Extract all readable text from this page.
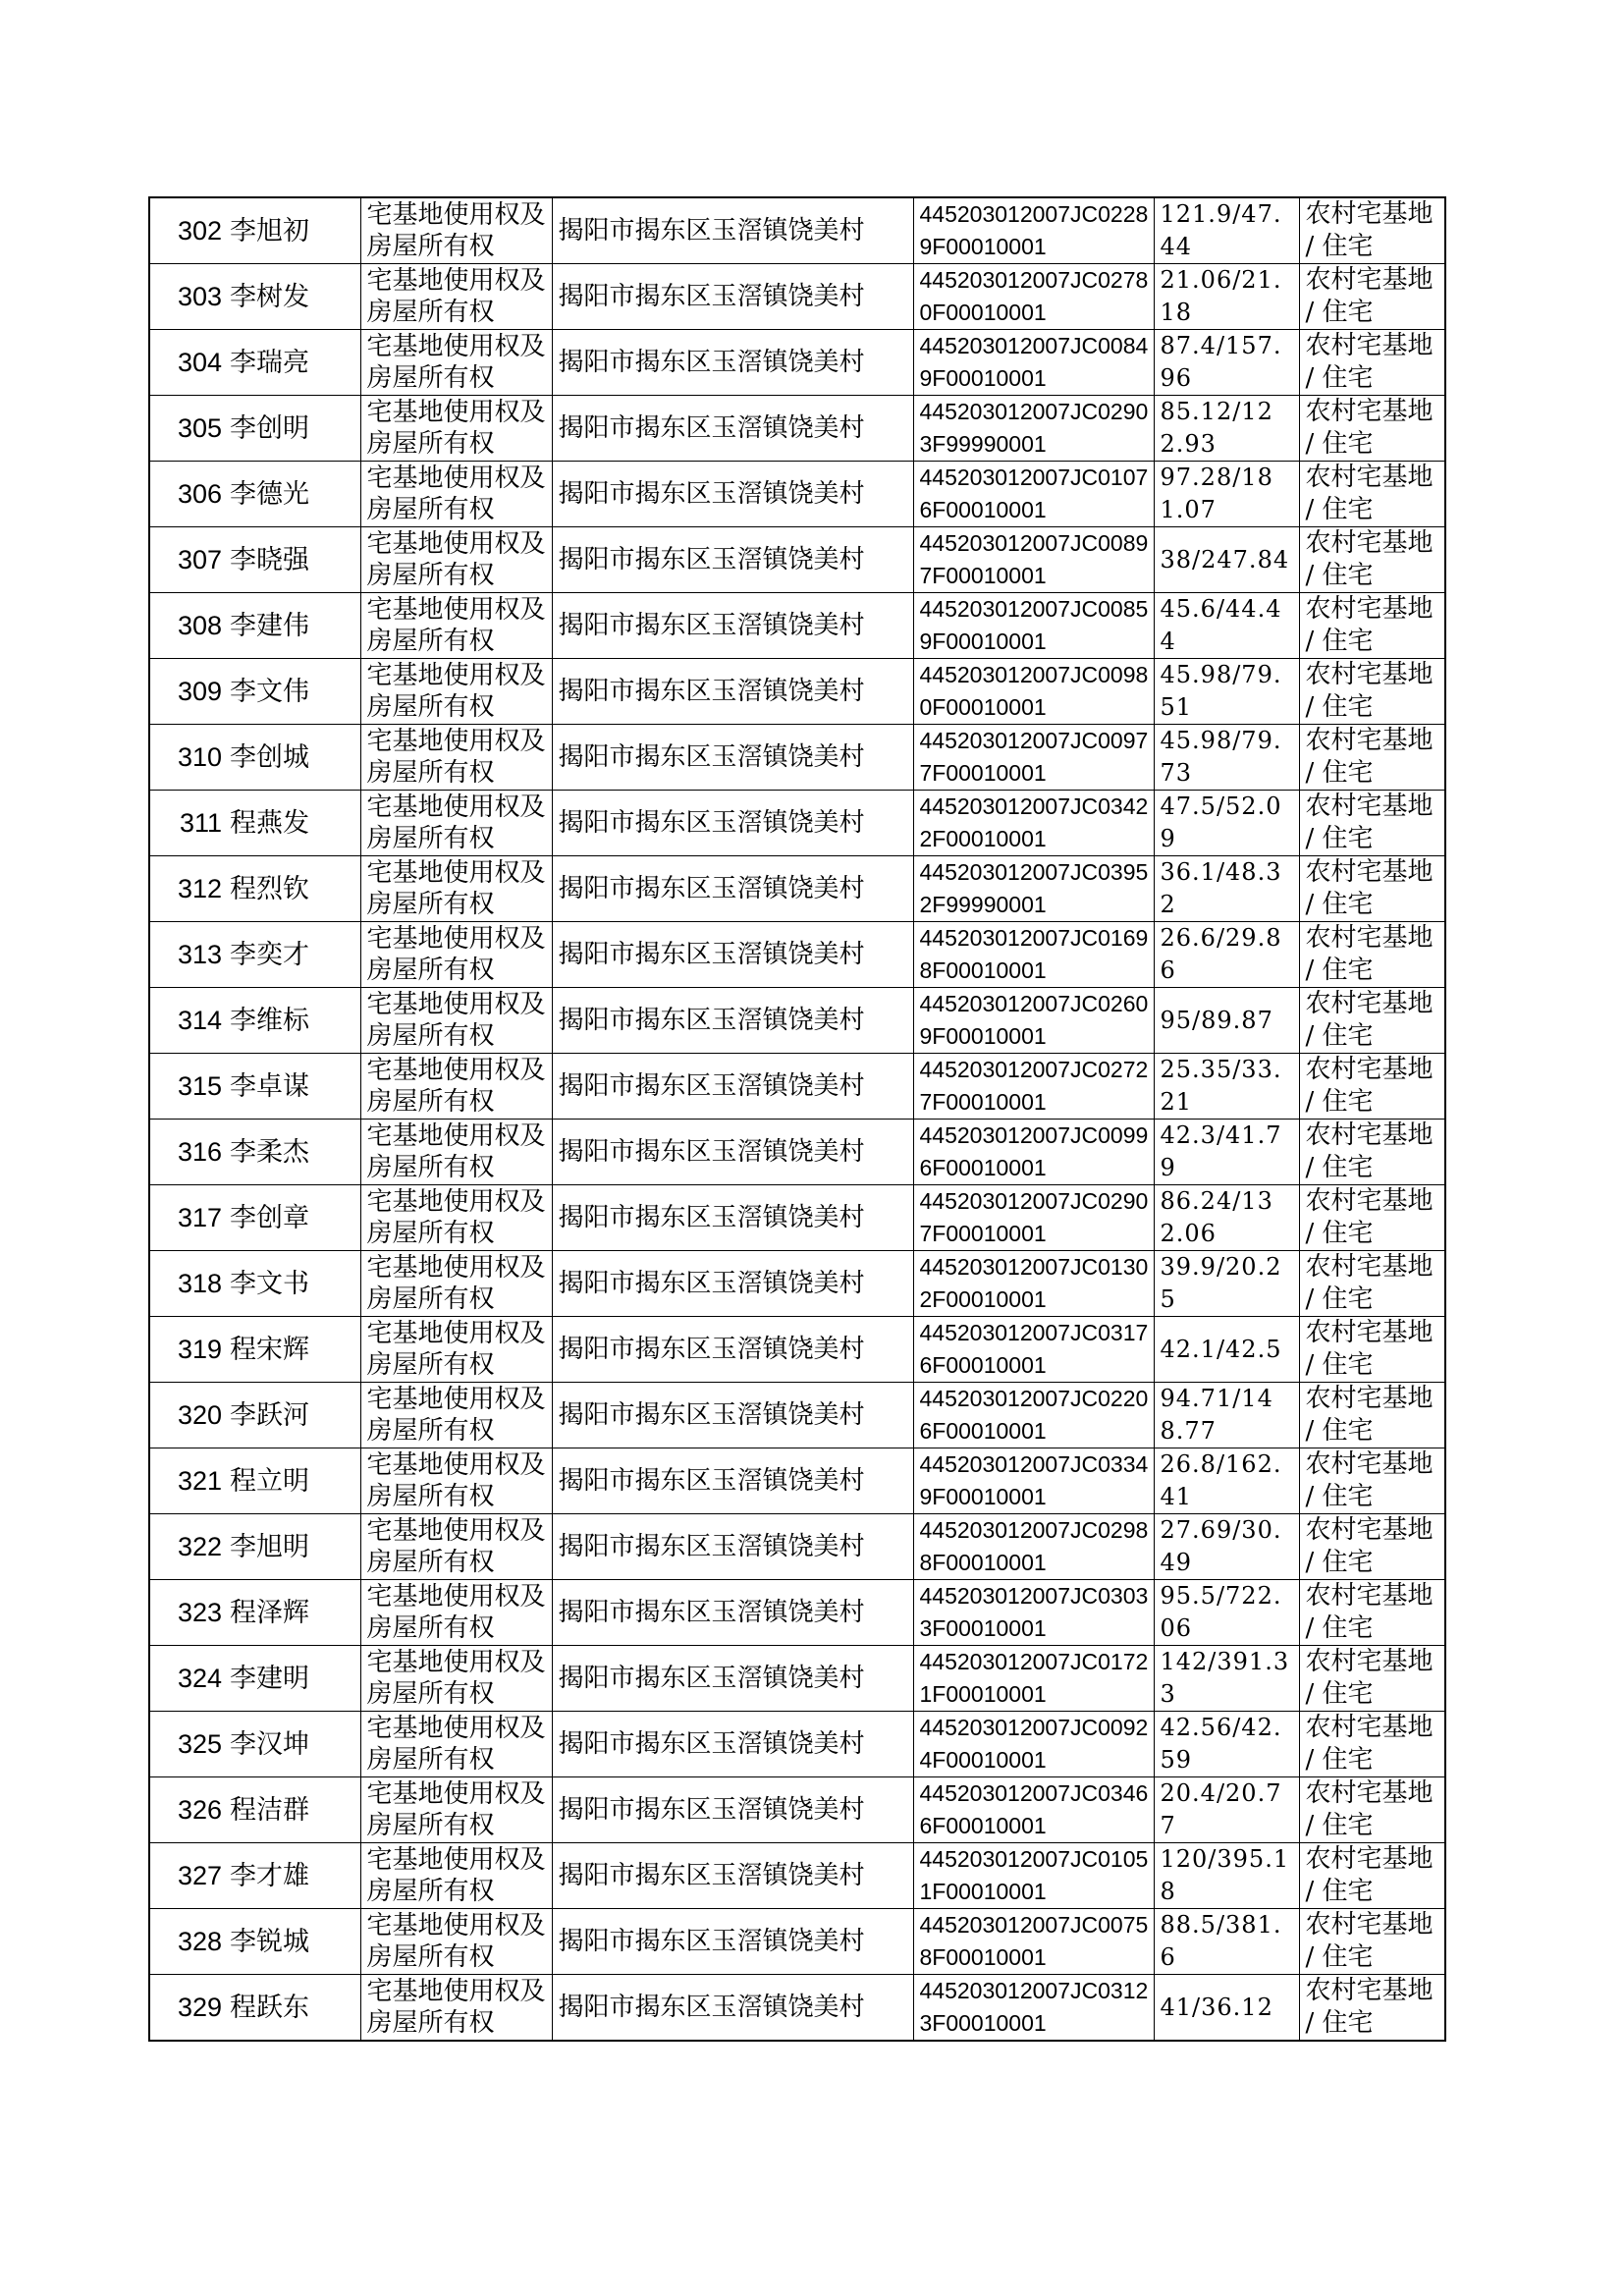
302	李旭初	宅基地使用权及房屋所有权	揭阳市揭东区玉滘镇饶美村	445203012007JC02289F00010001	121.9/47.44	农村宅基地 / 住宅
303	李树发	宅基地使用权及房屋所有权	揭阳市揭东区玉滘镇饶美村	445203012007JC02780F00010001	21.06/21.18	农村宅基地 / 住宅
304	李瑞亮	宅基地使用权及房屋所有权	揭阳市揭东区玉滘镇饶美村	445203012007JC00849F00010001	87.4/157.96	农村宅基地 / 住宅
305	李创明	宅基地使用权及房屋所有权	揭阳市揭东区玉滘镇饶美村	445203012007JC02903F99990001	85.12/122.93	农村宅基地 / 住宅
306	李德光	宅基地使用权及房屋所有权	揭阳市揭东区玉滘镇饶美村	445203012007JC01076F00010001	97.28/181.07	农村宅基地 / 住宅
307	李晓强	宅基地使用权及房屋所有权	揭阳市揭东区玉滘镇饶美村	445203012007JC00897F00010001	38/247.84	农村宅基地 / 住宅
308	李建伟	宅基地使用权及房屋所有权	揭阳市揭东区玉滘镇饶美村	445203012007JC00859F00010001	45.6/44.44	农村宅基地 / 住宅
309	李文伟	宅基地使用权及房屋所有权	揭阳市揭东区玉滘镇饶美村	445203012007JC00980F00010001	45.98/79.51	农村宅基地 / 住宅
310	李创城	宅基地使用权及房屋所有权	揭阳市揭东区玉滘镇饶美村	445203012007JC00977F00010001	45.98/79.73	农村宅基地 / 住宅
311	程燕发	宅基地使用权及房屋所有权	揭阳市揭东区玉滘镇饶美村	445203012007JC03422F00010001	47.5/52.09	农村宅基地 / 住宅
312	程烈钦	宅基地使用权及房屋所有权	揭阳市揭东区玉滘镇饶美村	445203012007JC03952F99990001	36.1/48.32	农村宅基地 / 住宅
313	李奕才	宅基地使用权及房屋所有权	揭阳市揭东区玉滘镇饶美村	445203012007JC01698F00010001	26.6/29.86	农村宅基地 / 住宅
314	李维标	宅基地使用权及房屋所有权	揭阳市揭东区玉滘镇饶美村	445203012007JC02609F00010001	95/89.87	农村宅基地 / 住宅
315	李卓谋	宅基地使用权及房屋所有权	揭阳市揭东区玉滘镇饶美村	445203012007JC02727F00010001	25.35/33.21	农村宅基地 / 住宅
316	李柔杰	宅基地使用权及房屋所有权	揭阳市揭东区玉滘镇饶美村	445203012007JC00996F00010001	42.3/41.79	农村宅基地 / 住宅
317	李创章	宅基地使用权及房屋所有权	揭阳市揭东区玉滘镇饶美村	445203012007JC02907F00010001	86.24/132.06	农村宅基地 / 住宅
318	李文书	宅基地使用权及房屋所有权	揭阳市揭东区玉滘镇饶美村	445203012007JC01302F00010001	39.9/20.25	农村宅基地 / 住宅
319	程宋辉	宅基地使用权及房屋所有权	揭阳市揭东区玉滘镇饶美村	445203012007JC03176F00010001	42.1/42.5	农村宅基地 / 住宅
320	李跃河	宅基地使用权及房屋所有权	揭阳市揭东区玉滘镇饶美村	445203012007JC02206F00010001	94.71/148.77	农村宅基地 / 住宅
321	程立明	宅基地使用权及房屋所有权	揭阳市揭东区玉滘镇饶美村	445203012007JC03349F00010001	26.8/162.41	农村宅基地 / 住宅
322	李旭明	宅基地使用权及房屋所有权	揭阳市揭东区玉滘镇饶美村	445203012007JC02988F00010001	27.69/30.49	农村宅基地 / 住宅
323	程泽辉	宅基地使用权及房屋所有权	揭阳市揭东区玉滘镇饶美村	445203012007JC03033F00010001	95.5/722.06	农村宅基地 / 住宅
324	李建明	宅基地使用权及房屋所有权	揭阳市揭东区玉滘镇饶美村	445203012007JC01721F00010001	142/391.33	农村宅基地 / 住宅
325	李汉坤	宅基地使用权及房屋所有权	揭阳市揭东区玉滘镇饶美村	445203012007JC00924F00010001	42.56/42.59	农村宅基地 / 住宅
326	程洁群	宅基地使用权及房屋所有权	揭阳市揭东区玉滘镇饶美村	445203012007JC03466F00010001	20.4/20.77	农村宅基地 / 住宅
327	李才雄	宅基地使用权及房屋所有权	揭阳市揭东区玉滘镇饶美村	445203012007JC01051F00010001	120/395.18	农村宅基地 / 住宅
328	李锐城	宅基地使用权及房屋所有权	揭阳市揭东区玉滘镇饶美村	445203012007JC00758F00010001	88.5/381.6	农村宅基地 / 住宅
329	程跃东	宅基地使用权及房屋所有权	揭阳市揭东区玉滘镇饶美村	445203012007JC03123F00010001	41/36.12	农村宅基地 / 住宅
